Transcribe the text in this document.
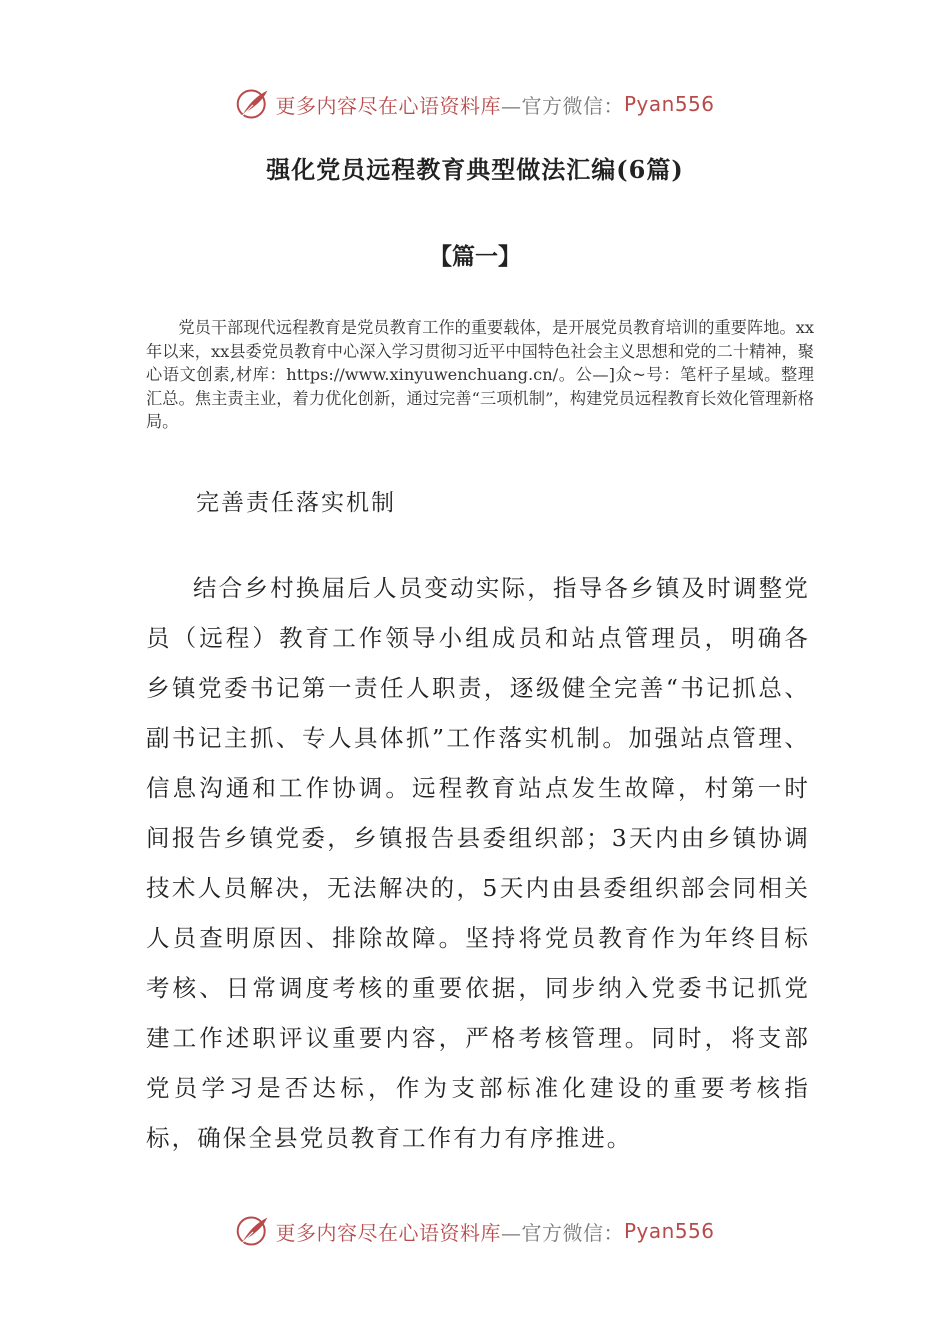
更多内容尽在心语资料库 —官方微信： Pyan556
强化党员远程教育典型做法汇编(6篇)
【篇一】
党员干部现代远程教育是党员教育工作的重要载体，是开展党员教育培训的重要阵地。xx年以来，xx县委党员教育中心深入学习贯彻习近平中国特色社会主义思想和党的二十精神，聚心语文创素,材库：https://www.xinyuwenchuang.cn/。公—]众~号：笔杆子星域。整理汇总。焦主责主业，着力优化创新，通过完善“三项机制”，构建党员远程教育长效化管理新格局。
完善责任落实机制
结合乡村换届后人员变动实际，指导各乡镇及时调整党员（远程）教育工作领导小组成员和站点管理员，明确各乡镇党委书记第一责任人职责，逐级健全完善“书记抓总、副书记主抓、专人具体抓”工作落实机制。加强站点管理、信息沟通和工作协调。远程教育站点发生故障，村第一时间报告乡镇党委，乡镇报告县委组织部；3天内由乡镇协调技术人员解决，无法解决的，5天内由县委组织部会同相关人员查明原因、排除故障。坚持将党员教育作为年终目标考核、日常调度考核的重要依据，同步纳入党委书记抓党建工作述职评议重要内容，严格考核管理。同时，将支部党员学习是否达标，作为支部标准化建设的重要考核指标，确保全县党员教育工作有力有序推进。
更多内容尽在心语资料库 —官方微信： Pyan556
